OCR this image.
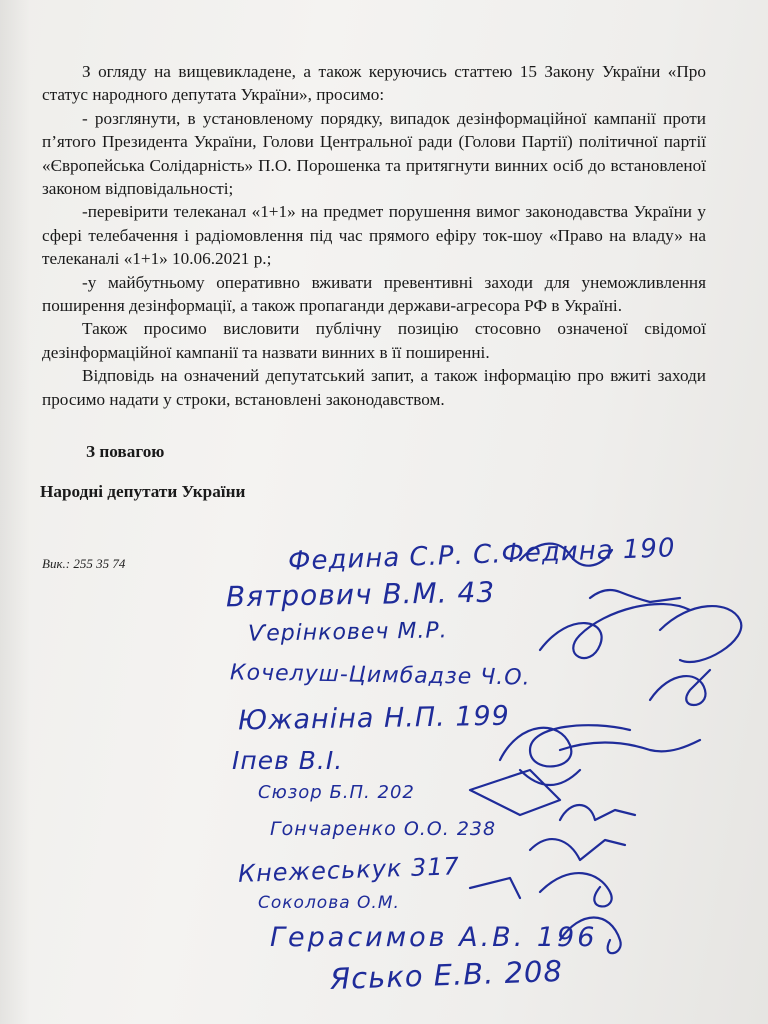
З огляду на вищевикладене, а також керуючись статтею 15 Закону України «Про статус народного депутата України», просимо:

- розглянути, в установленому порядку, випадок дезінформаційної кампанії проти п’ятого Президента України, Голови Центральної ради (Голови Партії) політичної партії «Європейська Солідарність» П.О. Порошенка та притягнути винних осіб до встановленої законом відповідальності;

-перевірити телеканал «1+1» на предмет порушення вимог законодавства України у сфері телебачення і радіомовлення під час прямого ефіру ток-шоу «Право на владу» на телеканалі «1+1» 10.06.2021 р.;

-у майбутньому оперативно вживати превентивні заходи для унеможливлення поширення дезінформації, а також пропаганди держави-агресора РФ в Україні.

Також просимо висловити публічну позицію стосовно означеної свідомої дезінформаційної кампанії та назвати винних в її поширенні.

Відповідь на означений депутатський запит, а також інформацію про вжиті заходи просимо надати у строки, встановлені законодавством.

З повагою
Народні депутати України
Вик.: 255 35 74	Федина С.Р. С.Федина 190
Вятрович В.М. 43
Ѵерінковеч М.Р.
Кочелуш-Цимбадзе Ч.О.
Южаніна Н.П. 199
Іпев В.І.
Сюзор Б.П. 202
Гончаренко О.О. 238
Кнежеськук 317
Соколова О.М.
Герасимов А.В. 196
Ясько Е.В. 208
